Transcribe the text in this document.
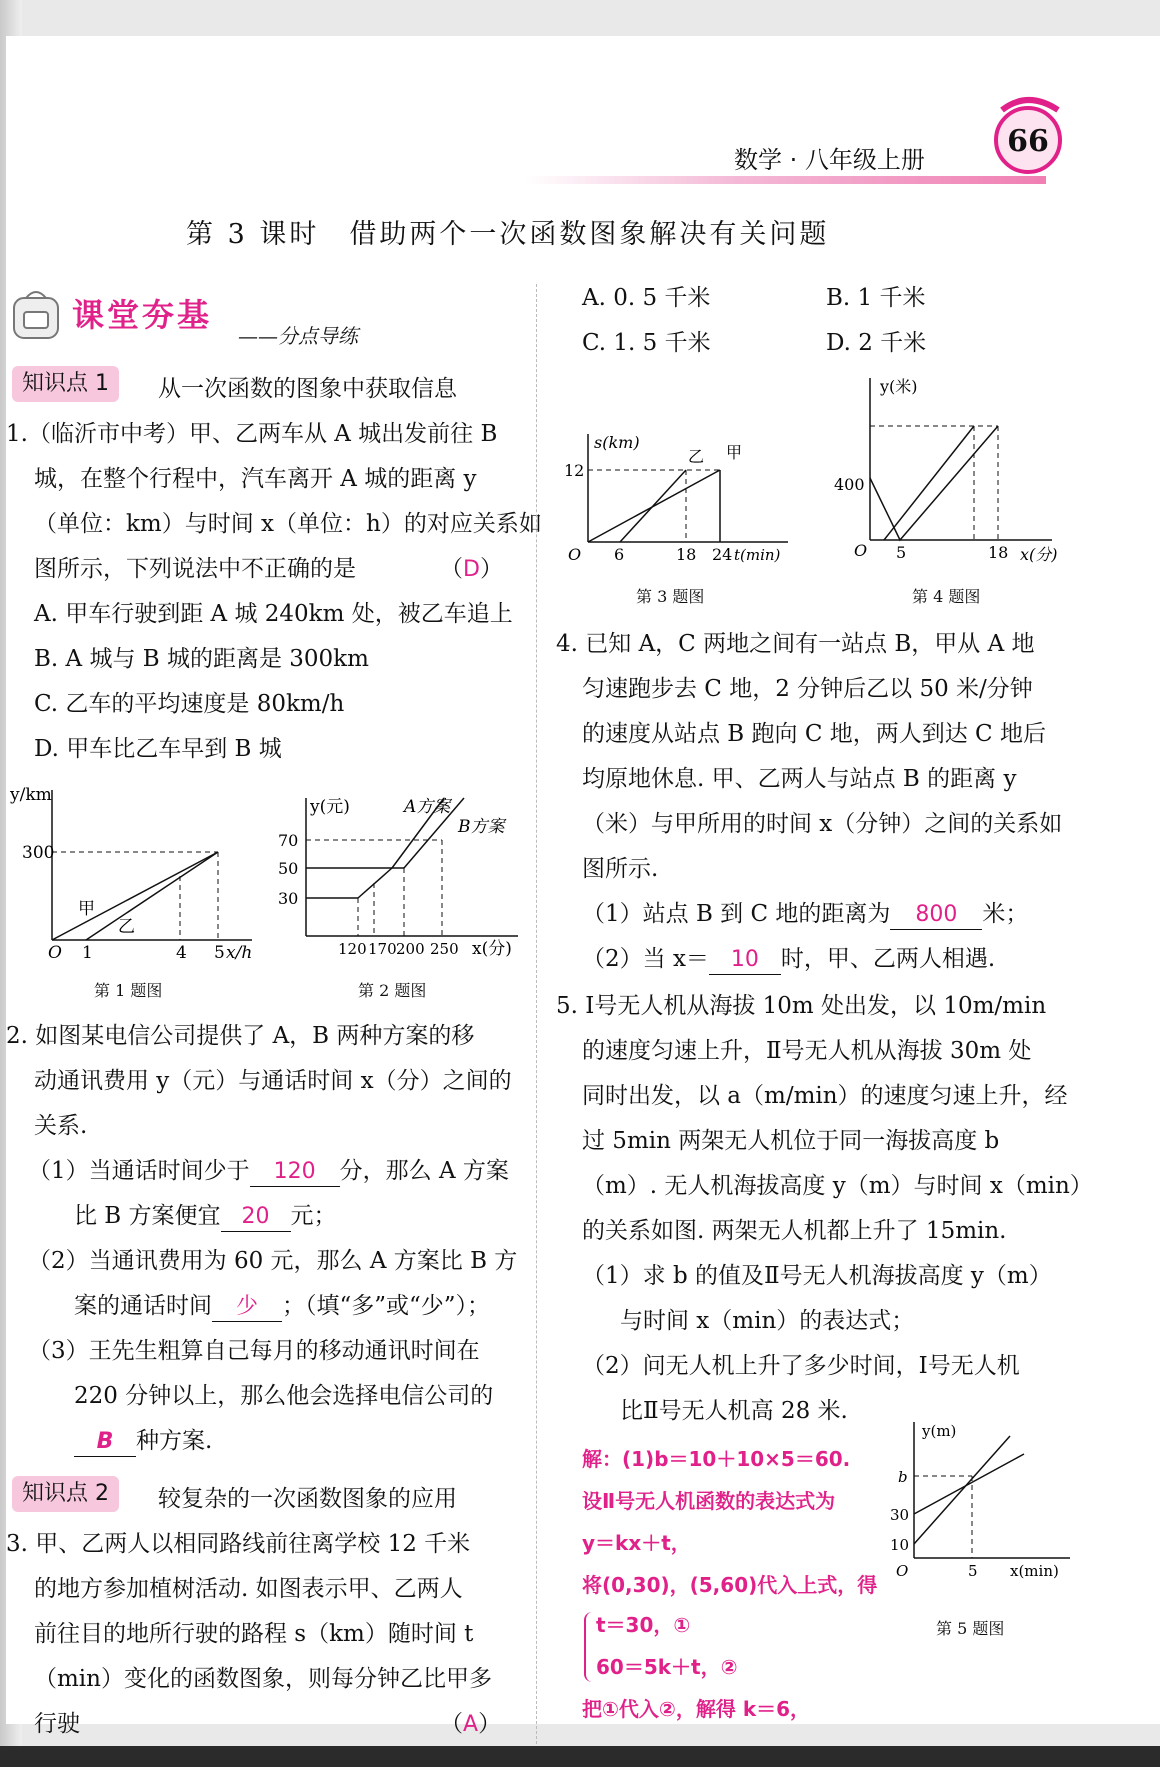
数学 · 八年级上册
66
第 3 课时　借助两个一次函数图象解决有关问题
课堂夯基
——分点导练
知识点 1	从一次函数的图象中获取信息
1.（临沂市中考）甲、乙两车从 A 城出发前往 B
城，在整个行程中，汽车离开 A 城的距离 y
（单位：km）与时间 x（单位：h）的对应关系如
图所示，下列说法中不正确的是	（D）
A. 甲车行驶到距 A 城 240km 处，被乙车追上
B. A 城与 B 城的距离是 300km
C. 乙车的平均速度是 80km/h
D. 甲车比乙车早到 B 城
y/km
300
O 1	4 5 x/h
甲
乙
第 1 题图
y(元)	A方案
B方案
70
50
30
120 170 200 250 x(分)
第 2 题图
2. 如图某电信公司提供了 A，B 两种方案的移
动通讯费用 y（元）与通话时间 x（分）之间的
关系.
（1）当通话时间少于 120 分，那么 A 方案
比 B 方案便宜 20 元；
（2）当通讯费用为 60 元，那么 A 方案比 B 方
案的通话时间 少 ；（填“多”或“少”）；
（3）王先生粗算自己每月的移动通讯时间在
220 分钟以上，那么他会选择电信公司的
B 种方案.
知识点 2	较复杂的一次函数图象的应用
3. 甲、乙两人以相同路线前往离学校 12 千米
的地方参加植树活动. 如图表示甲、乙两人
前往目的地所行驶的路程 s（km）随时间 t
（min）变化的函数图象，则每分钟乙比甲多
行驶	（A）
A. 0. 5 千米	B. 1 千米
C. 1. 5 千米	D. 2 千米
s(km)
12
O 6	18 24 t(min)
乙 甲
第 3 题图
y(米)
400
O 5	18 x(分)
第 4 题图
4. 已知 A，C 两地之间有一站点 B，甲从 A 地
匀速跑步去 C 地，2 分钟后乙以 50 米/分钟
的速度从站点 B 跑向 C 地，两人到达 C 地后
均原地休息. 甲、乙两人与站点 B 的距离 y
（米）与甲所用的时间 x（分钟）之间的关系如
图所示.
（1）站点 B 到 C 地的距离为 800 米；
（2）当 x＝ 10 时，甲、乙两人相遇.
5. Ⅰ号无人机从海拔 10m 处出发，以 10m/min
的速度匀速上升，Ⅱ号无人机从海拔 30m 处
同时出发，以 a（m/min）的速度匀速上升，经
过 5min 两架无人机位于同一海拔高度 b
（m）. 无人机海拔高度 y（m）与时间 x（min）
的关系如图. 两架无人机都上升了 15min.
（1）求 b 的值及Ⅱ号无人机海拔高度 y（m）
与时间 x（min）的表达式；
（2）问无人机上升了多少时间，Ⅰ号无人机
比Ⅱ号无人机高 28 米.
解：(1)b＝10＋10×5＝60.
设Ⅱ号无人机函数的表达式为
y＝kx＋t，
将(0,30)，(5,60)代入上式，得
t＝30，①
60＝5k＋t，②
把①代入②，解得 k＝6，
y(m)
b
30
10
O	5 x(min)
第 5 题图
